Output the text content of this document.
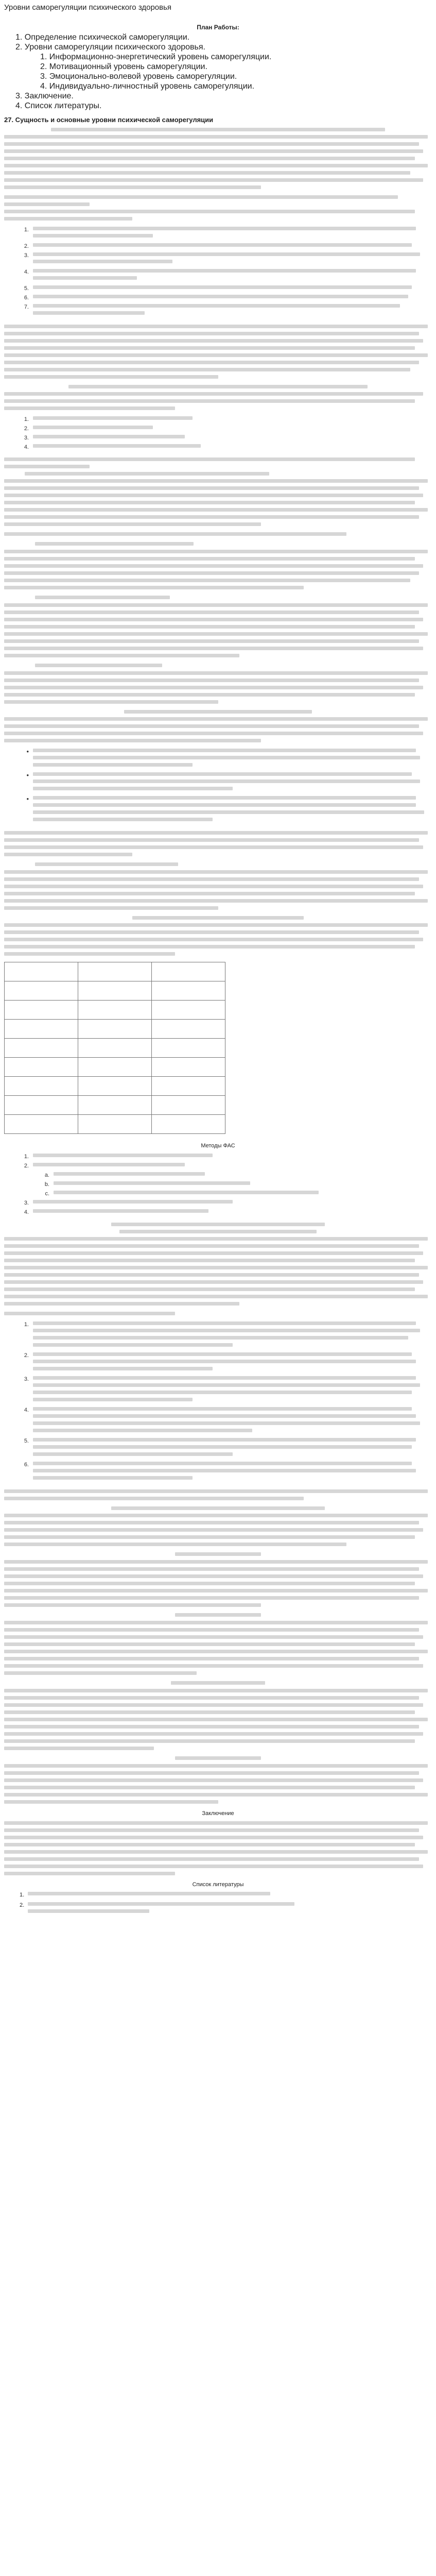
Уровни саморегуляции психического здоровья
План Работы:
1. Определение психической саморегуляции.
2. Уровни саморегуляции психического здоровья.
1. Информационно-энергетический уровень саморегуляции.
2. Мотивационный уровень саморегуляции.
3. Эмоционально-волевой уровень саморегуляции.
4. Индивидуально-личностный уровень саморегуляции.
3. Заключение.
4. Список литературы.
27. Сущность и основные уровни психической саморегуляции
1.
2.
3.
4.
5.
6.
7.
1.
2.
3.
4.
•
•
•

Методы ФАС
1.
2.
a.
b.
c.
3.
4.
1.
2.
3.
4.
5.
6.
Заключение
Список литературы
1.
2.
